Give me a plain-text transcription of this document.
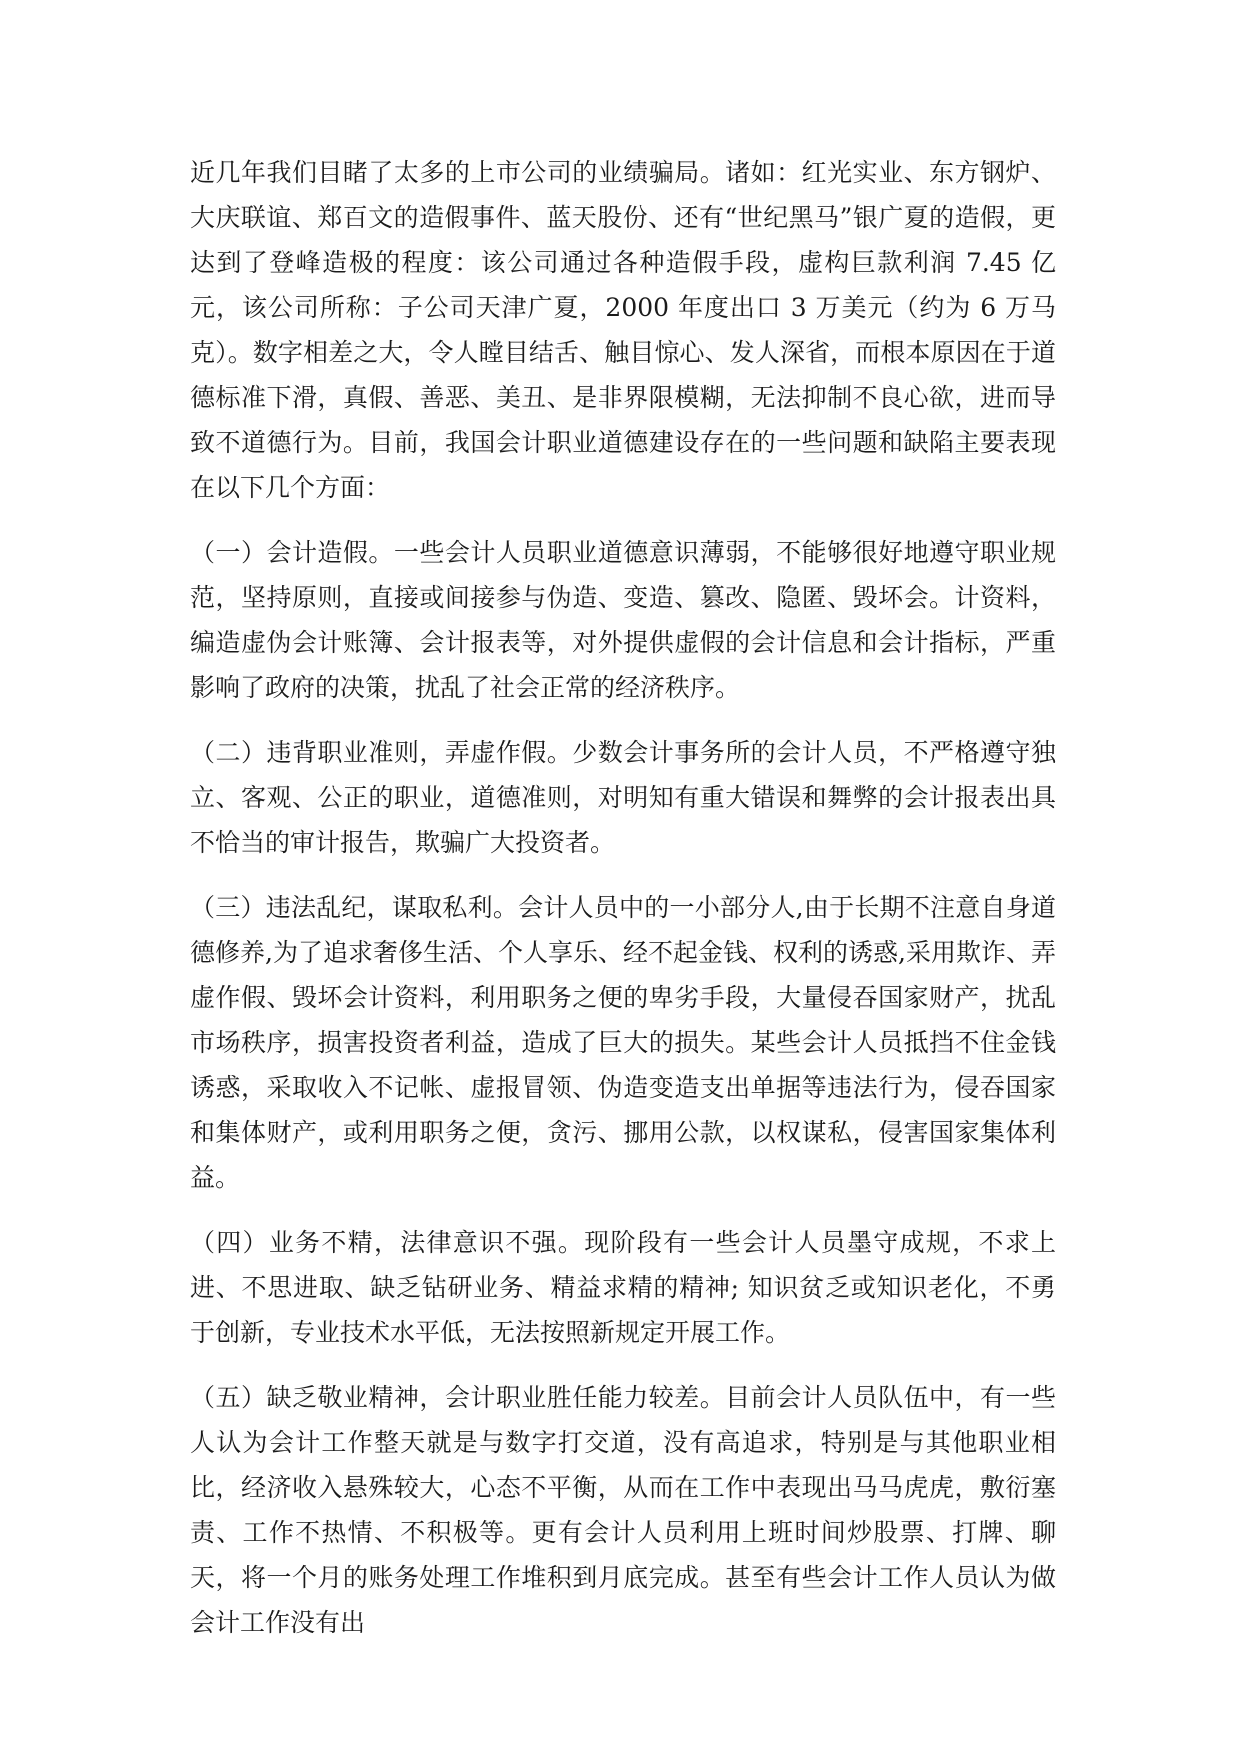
近几年我们目睹了太多的上市公司的业绩骗局。诸如：红光实业、东方钢炉、大庆联谊、郑百文的造假事件、蓝天股份、还有“世纪黑马”银广夏的造假，更达到了登峰造极的程度：该公司通过各种造假手段，虚构巨款利润 7.45 亿元，该公司所称：子公司天津广夏，2000 年度出口 3 万美元（约为 6 万马克）。数字相差之大，令人瞠目结舌、触目惊心、发人深省，而根本原因在于道德标准下滑，真假、善恶、美丑、是非界限模糊，无法抑制不良心欲，进而导致不道德行为。目前，我国会计职业道德建设存在的一些问题和缺陷主要表现在以下几个方面：

（一）会计造假。一些会计人员职业道德意识薄弱，不能够很好地遵守职业规范，坚持原则，直接或间接参与伪造、变造、篡改、隐匿、毁坏会。计资料，编造虚伪会计账簿、会计报表等，对外提供虚假的会计信息和会计指标，严重影响了政府的决策，扰乱了社会正常的经济秩序。

（二）违背职业准则，弄虚作假。少数会计事务所的会计人员，不严格遵守独立、客观、公正的职业，道德准则，对明知有重大错误和舞弊的会计报表出具不恰当的审计报告，欺骗广大投资者。

（三）违法乱纪，谋取私利。会计人员中的一小部分人,由于长期不注意自身道德修养,为了追求奢侈生活、个人享乐、经不起金钱、权利的诱惑,采用欺诈、弄虚作假、毁坏会计资料，利用职务之便的卑劣手段，大量侵吞国家财产，扰乱市场秩序，损害投资者利益，造成了巨大的损失。某些会计人员抵挡不住金钱诱惑，采取收入不记帐、虚报冒领、伪造变造支出单据等违法行为，侵吞国家和集体财产，或利用职务之便，贪污、挪用公款，以权谋私，侵害国家集体利益。

（四）业务不精，法律意识不强。现阶段有一些会计人员墨守成规，不求上进、不思进取、缺乏钻研业务、精益求精的精神; 知识贫乏或知识老化，不勇于创新，专业技术水平低，无法按照新规定开展工作。

（五）缺乏敬业精神，会计职业胜任能力较差。目前会计人员队伍中，有一些人认为会计工作整天就是与数字打交道，没有高追求，特别是与其他职业相比，经济收入悬殊较大，心态不平衡，从而在工作中表现出马马虎虎，敷衍塞责、工作不热情、不积极等。更有会计人员利用上班时间炒股票、打牌、聊天，将一个月的账务处理工作堆积到月底完成。甚至有些会计工作人员认为做会计工作没有出
